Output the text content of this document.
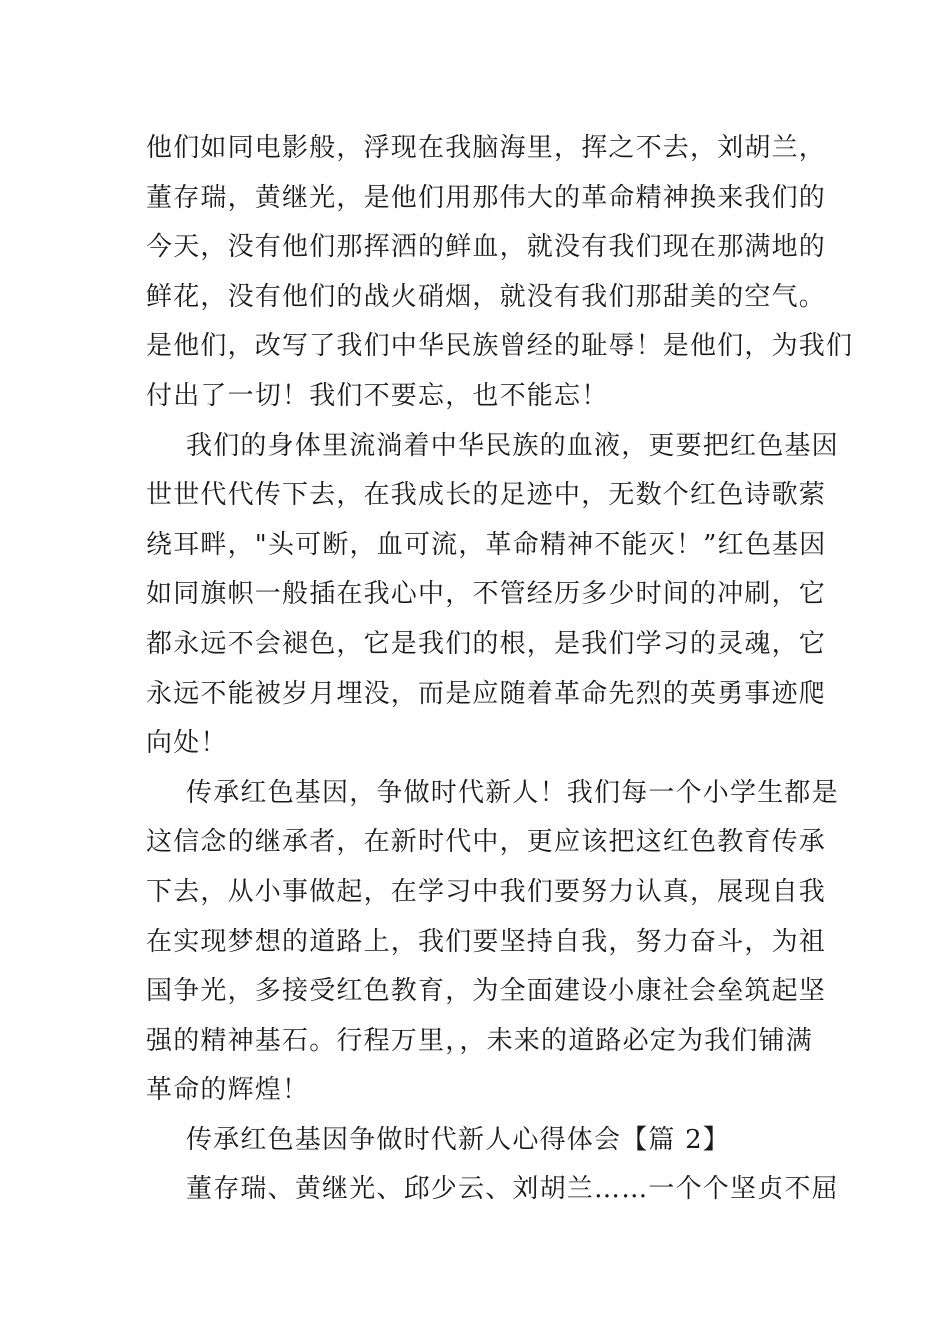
他们如同电影般，浮现在我脑海里，挥之不去，刘胡兰，
董存瑞，黄继光，是他们用那伟大的革命精神换来我们的
今天，没有他们那挥洒的鲜血，就没有我们现在那满地的
鲜花，没有他们的战火硝烟，就没有我们那甜美的空气。
是他们，改写了我们中华民族曾经的耻辱！是他们，为我们
付出了一切！我们不要忘，也不能忘！
我们的身体里流淌着中华民族的血液，更要把红色基因
世世代代传下去，在我成长的足迹中，无数个红色诗歌萦
绕耳畔，"头可断，血可流，革命精神不能灭！”红色基因
如同旗帜一般插在我心中，不管经历多少时间的冲刷，它
都永远不会褪色，它是我们的根，是我们学习的灵魂，它
永远不能被岁月埋没，而是应随着革命先烈的英勇事迹爬
向处！
传承红色基因，争做时代新人！我们每一个小学生都是
这信念的继承者，在新时代中，更应该把这红色教育传承
下去，从小事做起，在学习中我们要努力认真，展现自我
在实现梦想的道路上，我们要坚持自我，努力奋斗，为祖
国争光，多接受红色教育，为全面建设小康社会垒筑起坚
强的精神基石。行程万里，，未来的道路必定为我们铺满
革命的辉煌！
传承红色基因争做时代新人心得体会【篇 2】
董存瑞、黄继光、邱少云、刘胡兰……一个个坚贞不屈
